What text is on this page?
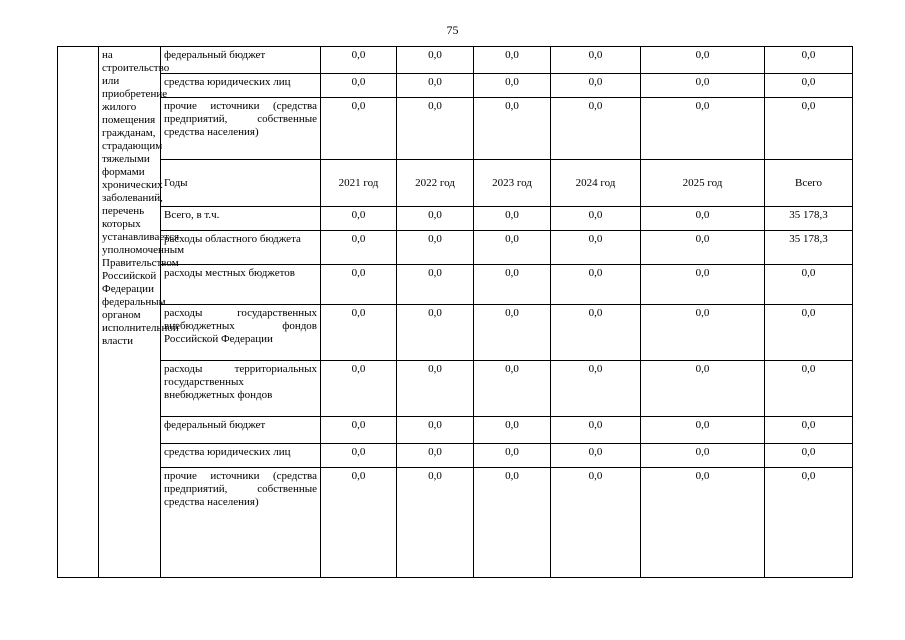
75
	на строительство или приобретение жилого помещения гражданам, страдающим тяжелыми формами хронических заболеваний, перечень которых устанавливается уполномоченным Правительством Российской Федерации федеральным органом исполнительной власти	федеральный бюджет	0,0	0,0	0,0	0,0	0,0	0,0
		средства юридических лиц	0,0	0,0	0,0	0,0	0,0	0,0
		прочие источники (средства предприятий, собственные средства населения)	0,0	0,0	0,0	0,0	0,0	0,0
		Годы	2021 год	2022 год	2023 год	2024 год	2025 год	Всего
		Всего, в т.ч.	0,0	0,0	0,0	0,0	0,0	35 178,3
		расходы областного бюджета	0,0	0,0	0,0	0,0	0,0	35 178,3
		расходы местных бюджетов	0,0	0,0	0,0	0,0	0,0	0,0
		расходы государственных внебюджетных фондов Российской Федерации	0,0	0,0	0,0	0,0	0,0	0,0
		расходы территориальных государственных внебюджетных фондов	0,0	0,0	0,0	0,0	0,0	0,0
		федеральный бюджет	0,0	0,0	0,0	0,0	0,0	0,0
		средства юридических лиц	0,0	0,0	0,0	0,0	0,0	0,0
		прочие источники (средства предприятий, собственные средства населения)	0,0	0,0	0,0	0,0	0,0	0,0
